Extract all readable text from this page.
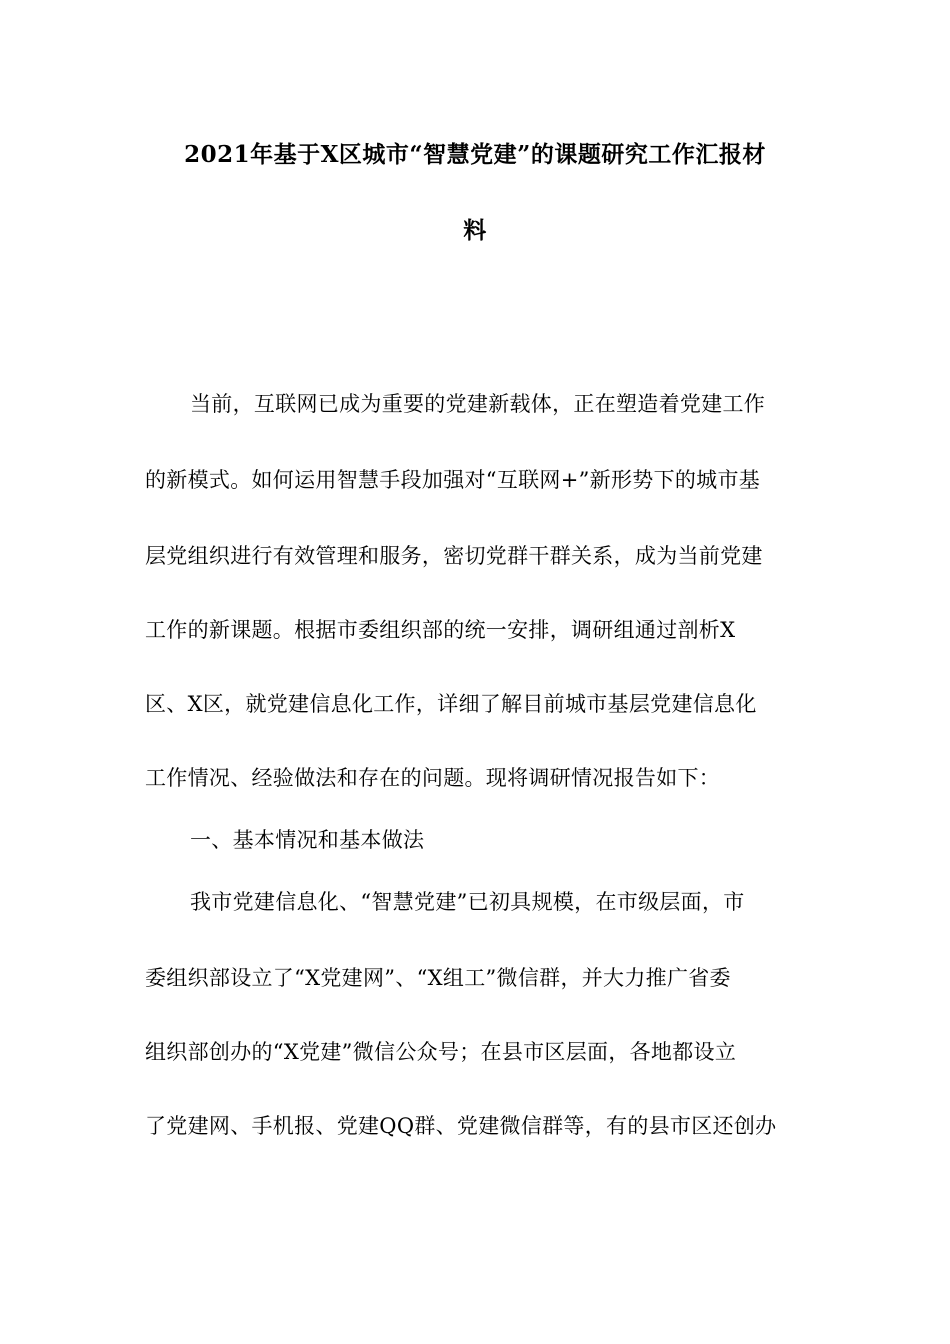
2021年基于X区城市“智慧党建”的课题研究工作汇报材
料
当前，互联网已成为重要的党建新载体，正在塑造着党建工作
的新模式。如何运用智慧手段加强对“互联网+”新形势下的城市基
层党组织进行有效管理和服务，密切党群干群关系，成为当前党建
工作的新课题。根据市委组织部的统一安排，调研组通过剖析X
区、X区，就党建信息化工作，详细了解目前城市基层党建信息化
工作情况、经验做法和存在的问题。现将调研情况报告如下：
一、基本情况和基本做法
我市党建信息化、“智慧党建”已初具规模，在市级层面，市
委组织部设立了“X党建网”、“X组工”微信群，并大力推广省委
组织部创办的“X党建”微信公众号；在县市区层面，各地都设立
了党建网、手机报、党建QQ群、党建微信群等，有的县市区还创办
